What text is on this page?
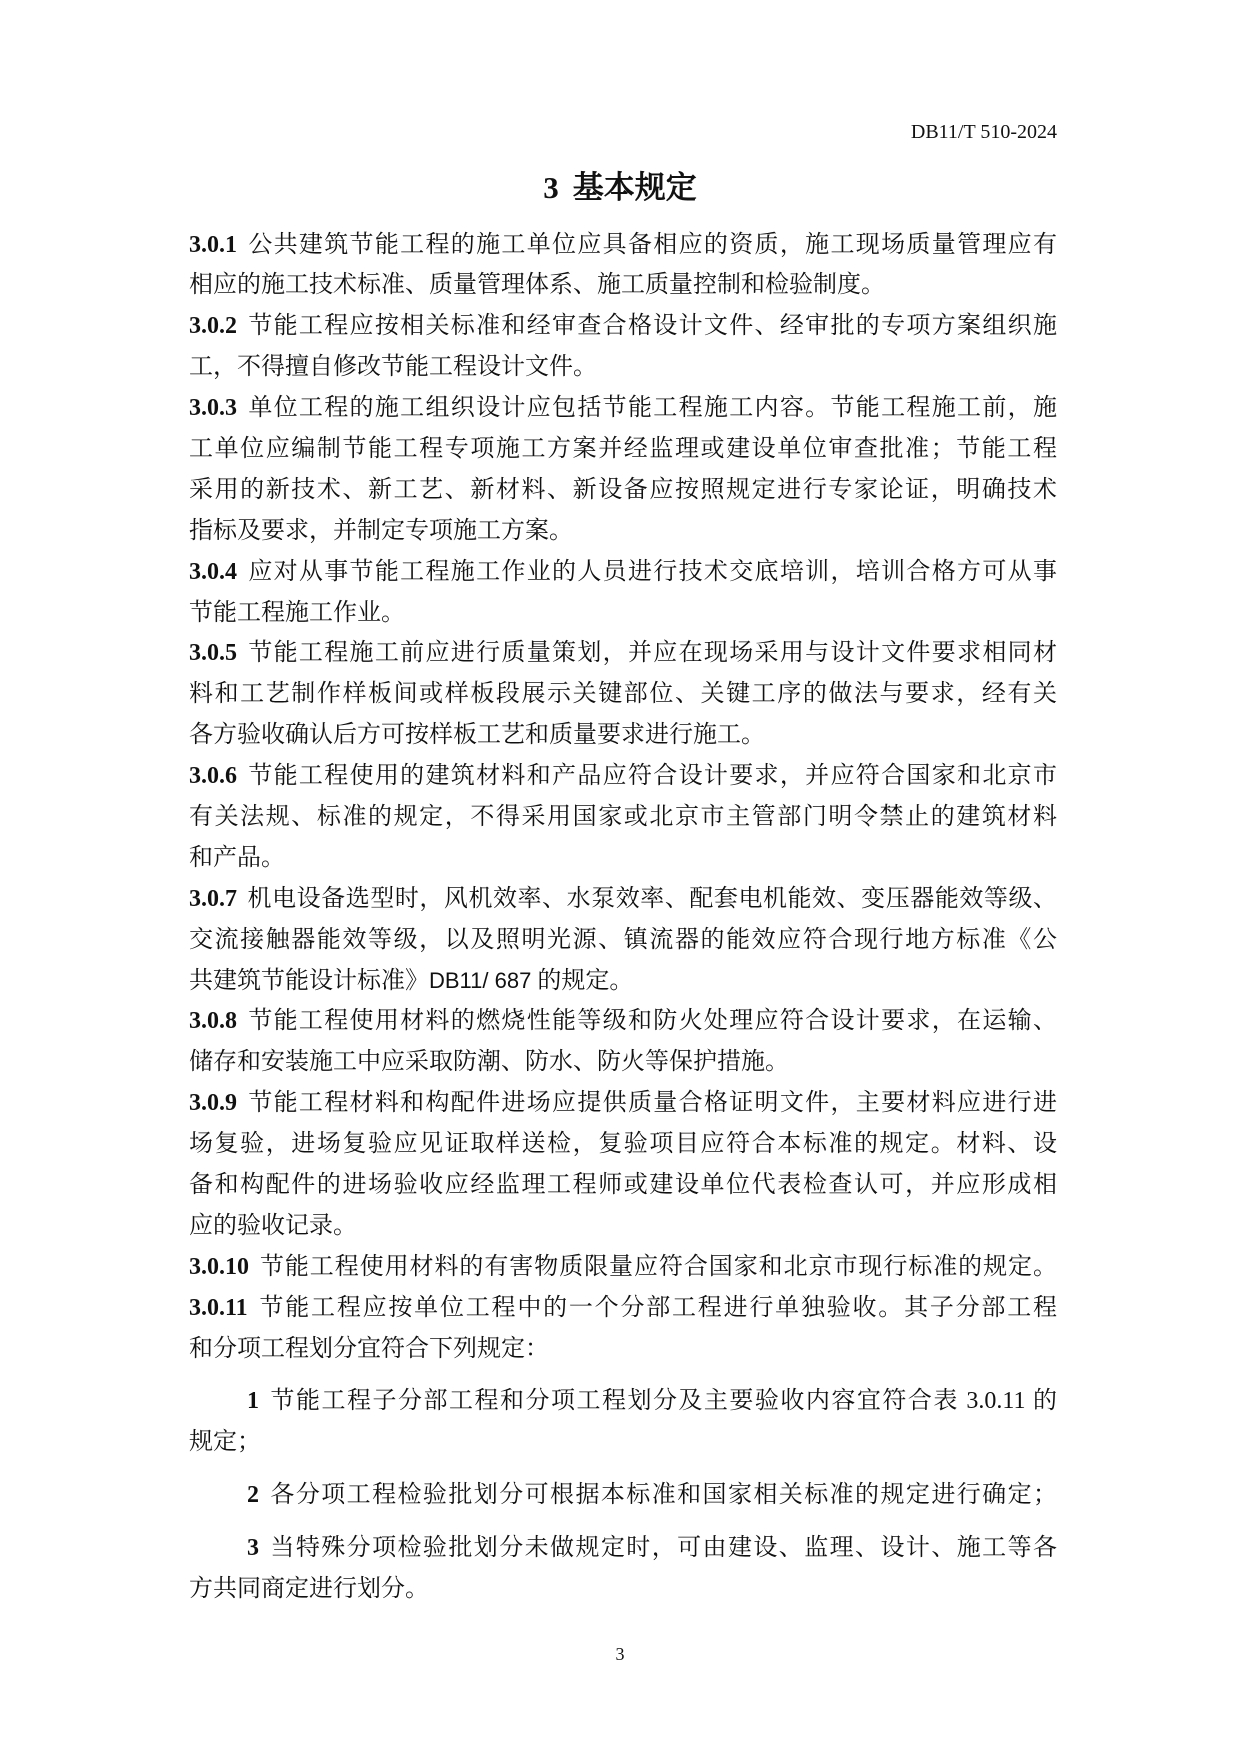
DB11/T 510-2024
3 基本规定
3.0.1 公共建筑节能工程的施工单位应具备相应的资质，施工现场质量管理应有
相应的施工技术标准、质量管理体系、施工质量控制和检验制度。
3.0.2 节能工程应按相关标准和经审查合格设计文件、经审批的专项方案组织施
工，不得擅自修改节能工程设计文件。
3.0.3 单位工程的施工组织设计应包括节能工程施工内容。节能工程施工前，施
工单位应编制节能工程专项施工方案并经监理或建设单位审查批准；节能工程
采用的新技术、新工艺、新材料、新设备应按照规定进行专家论证，明确技术
指标及要求，并制定专项施工方案。
3.0.4 应对从事节能工程施工作业的人员进行技术交底培训，培训合格方可从事
节能工程施工作业。
3.0.5 节能工程施工前应进行质量策划，并应在现场采用与设计文件要求相同材
料和工艺制作样板间或样板段展示关键部位、关键工序的做法与要求，经有关
各方验收确认后方可按样板工艺和质量要求进行施工。
3.0.6 节能工程使用的建筑材料和产品应符合设计要求，并应符合国家和北京市
有关法规、标准的规定，不得采用国家或北京市主管部门明令禁止的建筑材料
和产品。
3.0.7 机电设备选型时，风机效率、水泵效率、配套电机能效、变压器能效等级、
交流接触器能效等级，以及照明光源、镇流器的能效应符合现行地方标准《公
共建筑节能设计标准》DB11/ 687 的规定。
3.0.8 节能工程使用材料的燃烧性能等级和防火处理应符合设计要求，在运输、
储存和安装施工中应采取防潮、防水、防火等保护措施。
3.0.9 节能工程材料和构配件进场应提供质量合格证明文件，主要材料应进行进
场复验，进场复验应见证取样送检，复验项目应符合本标准的规定。材料、设
备和构配件的进场验收应经监理工程师或建设单位代表检查认可，并应形成相
应的验收记录。
3.0.10 节能工程使用材料的有害物质限量应符合国家和北京市现行标准的规定。
3.0.11 节能工程应按单位工程中的一个分部工程进行单独验收。其子分部工程
和分项工程划分宜符合下列规定：
1 节能工程子分部工程和分项工程划分及主要验收内容宜符合表 3.0.11 的
规定；
2 各分项工程检验批划分可根据本标准和国家相关标准的规定进行确定；
3 当特殊分项检验批划分未做规定时，可由建设、监理、设计、施工等各
方共同商定进行划分。
3
